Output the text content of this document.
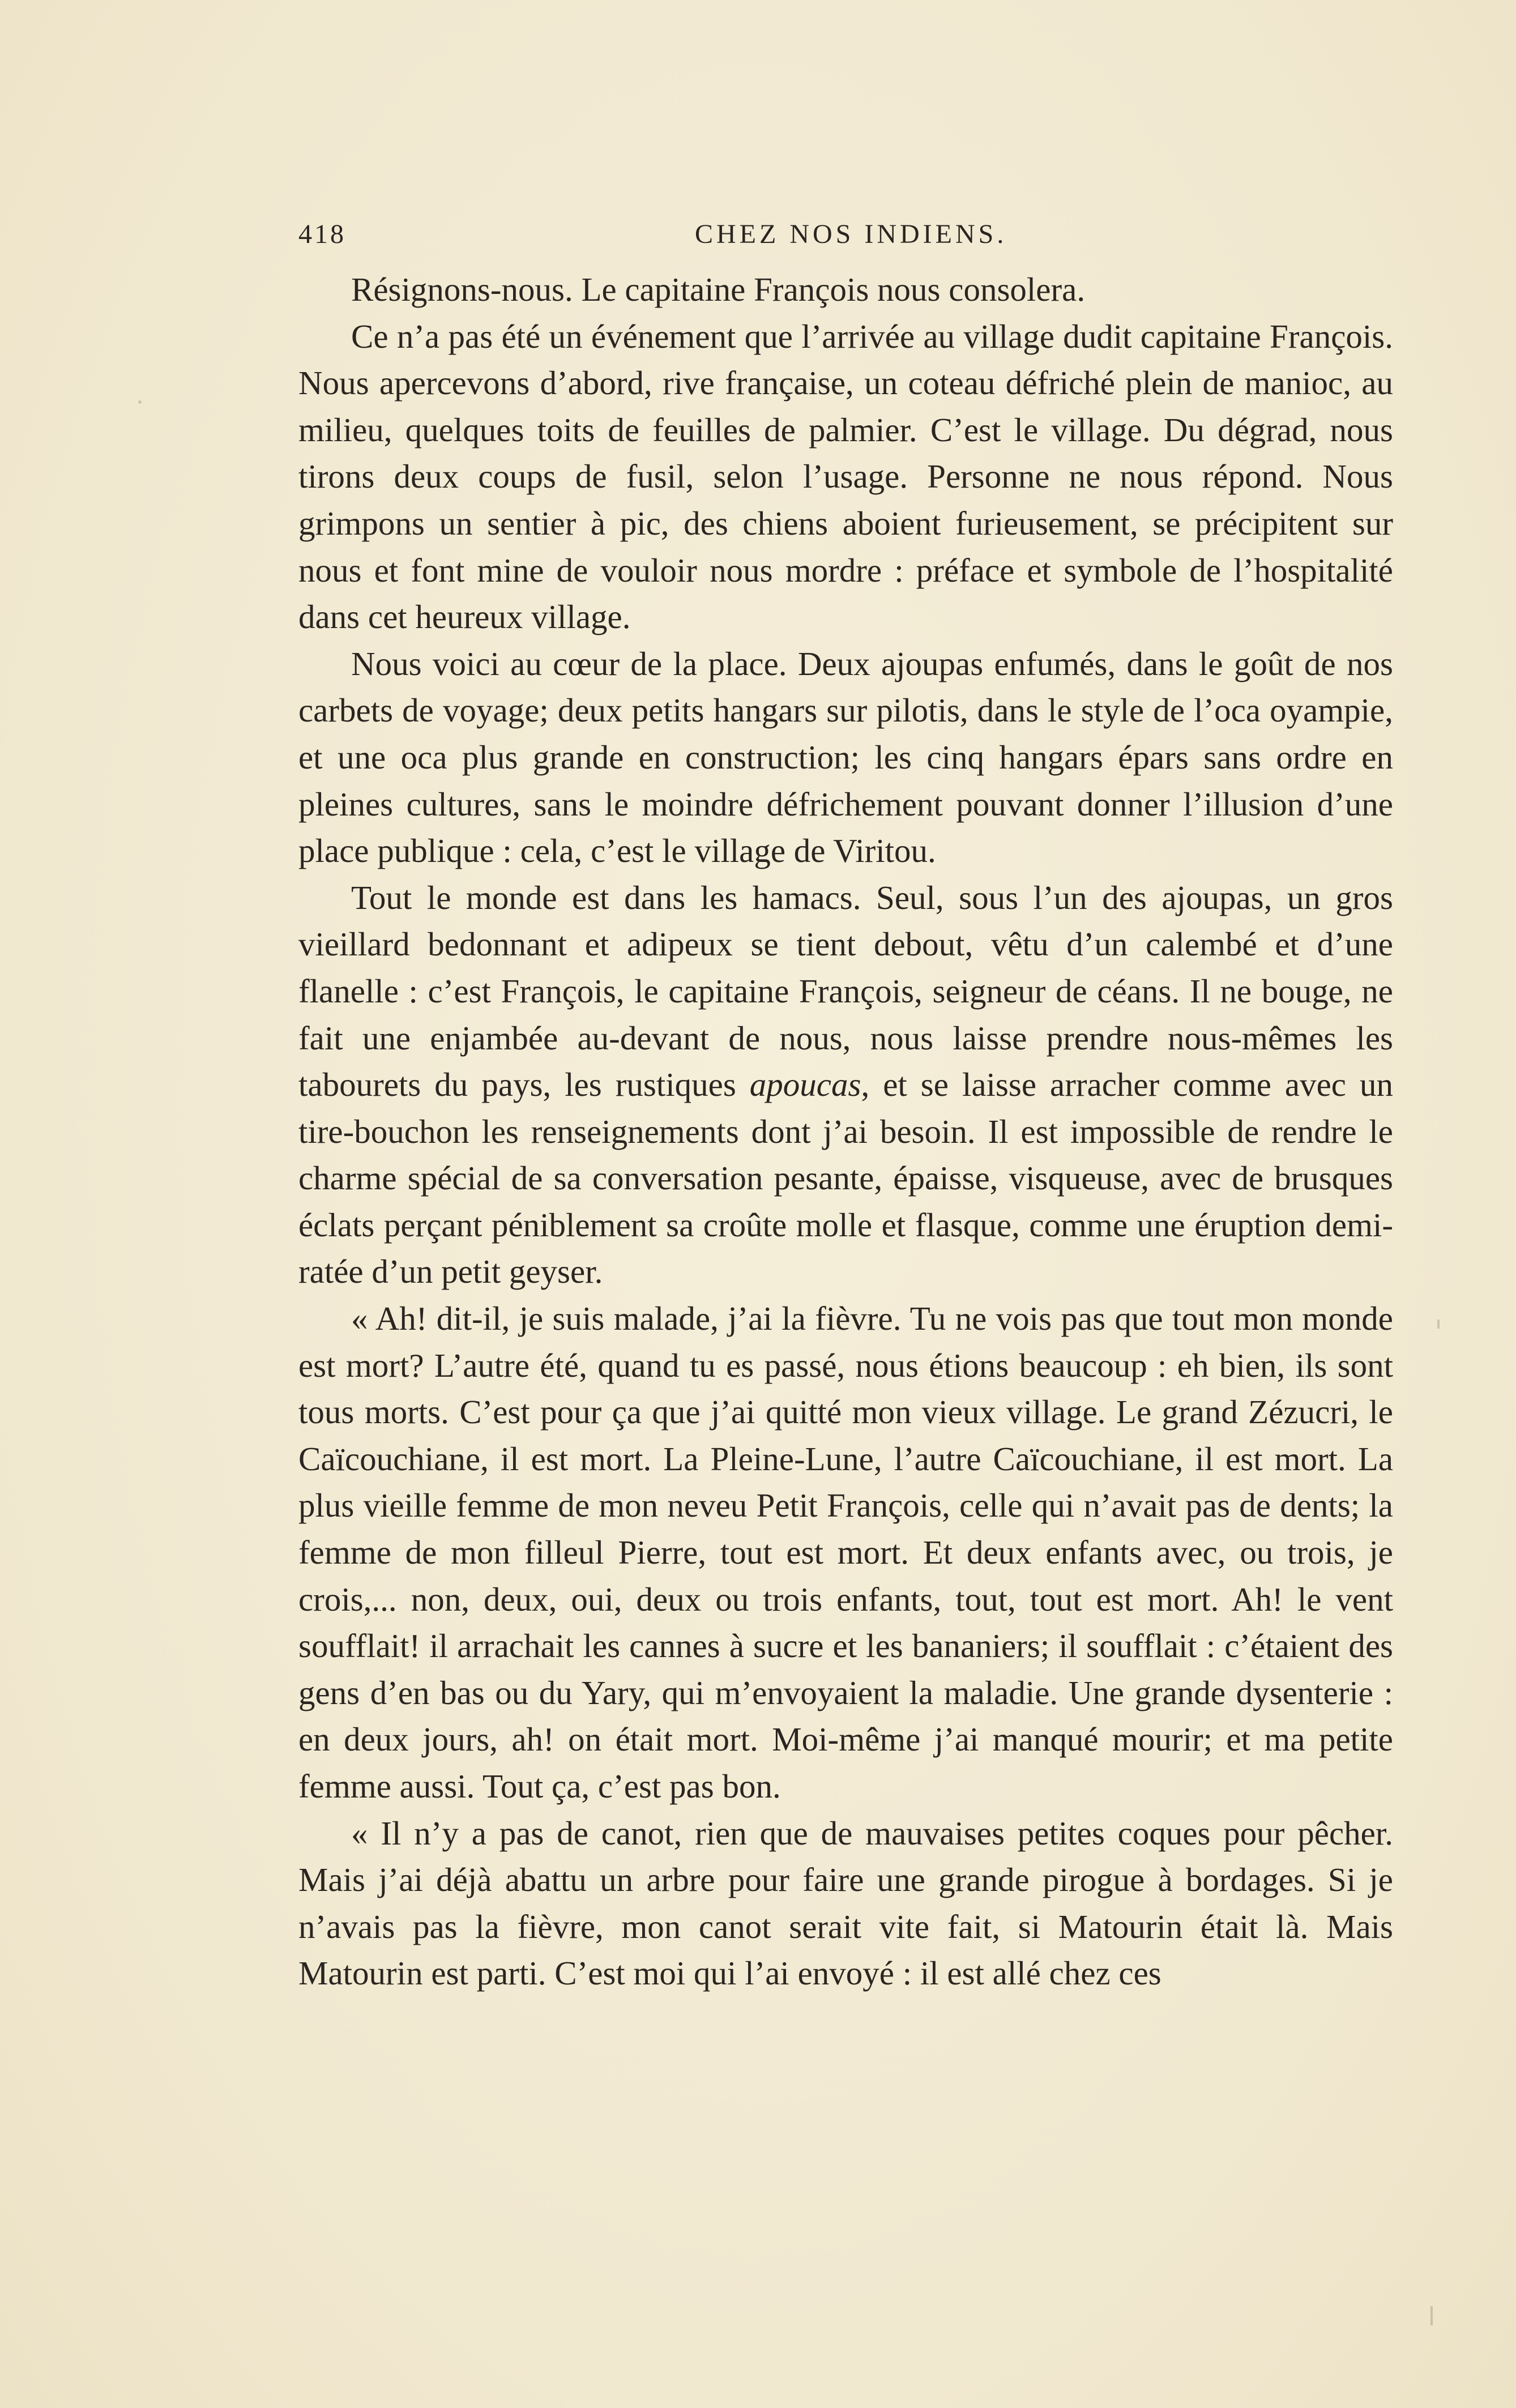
418	CHEZ NOS INDIENS.

Résignons-nous. Le capitaine François nous consolera.

Ce n’a pas été un événement que l’arrivée au village dudit capitaine François. Nous apercevons d’abord, rive française, un coteau défriché plein de manioc, au milieu, quelques toits de feuilles de palmier. C’est le village. Du dégrad, nous tirons deux coups de fusil, selon l’usage. Personne ne nous répond. Nous grimpons un sentier à pic, des chiens aboient furieusement, se précipitent sur nous et font mine de vouloir nous mordre : préface et symbole de l’hospitalité dans cet heureux village.

Nous voici au cœur de la place. Deux ajoupas enfumés, dans le goût de nos carbets de voyage; deux petits hangars sur pilotis, dans le style de l’oca oyampie, et une oca plus grande en construction; les cinq hangars épars sans ordre en pleines cultures, sans le moindre défrichement pouvant donner l’illusion d’une place publique : cela, c’est le village de Viritou.

Tout le monde est dans les hamacs. Seul, sous l’un des ajoupas, un gros vieillard bedonnant et adipeux se tient debout, vêtu d’un calembé et d’une flanelle : c’est François, le capitaine François, seigneur de céans. Il ne bouge, ne fait une enjambée au-devant de nous, nous laisse prendre nous-mêmes les tabourets du pays, les rustiques apoucas, et se laisse arracher comme avec un tire-bouchon les renseignements dont j’ai besoin. Il est impossible de rendre le charme spécial de sa conversation pesante, épaisse, visqueuse, avec de brusques éclats perçant péniblement sa croûte molle et flasque, comme une éruption demi-ratée d’un petit geyser.

« Ah! dit-il, je suis malade, j’ai la fièvre. Tu ne vois pas que tout mon monde est mort? L’autre été, quand tu es passé, nous étions beaucoup : eh bien, ils sont tous morts. C’est pour ça que j’ai quitté mon vieux village. Le grand Zézucri, le Caïcouchiane, il est mort. La Pleine-Lune, l’autre Caïcouchiane, il est mort. La plus vieille femme de mon neveu Petit François, celle qui n’avait pas de dents; la femme de mon filleul Pierre, tout est mort. Et deux enfants avec, ou trois, je crois,... non, deux, oui, deux ou trois enfants, tout, tout est mort. Ah! le vent soufflait! il arrachait les cannes à sucre et les bananiers; il soufflait : c’étaient des gens d’en bas ou du Yary, qui m’envoyaient la maladie. Une grande dysenterie : en deux jours, ah! on était mort. Moi-même j’ai manqué mourir; et ma petite femme aussi. Tout ça, c’est pas bon.

« Il n’y a pas de canot, rien que de mauvaises petites coques pour pêcher. Mais j’ai déjà abattu un arbre pour faire une grande pirogue à bordages. Si je n’avais pas la fièvre, mon canot serait vite fait, si Matourin était là. Mais Matourin est parti. C’est moi qui l’ai envoyé : il est allé chez ces
